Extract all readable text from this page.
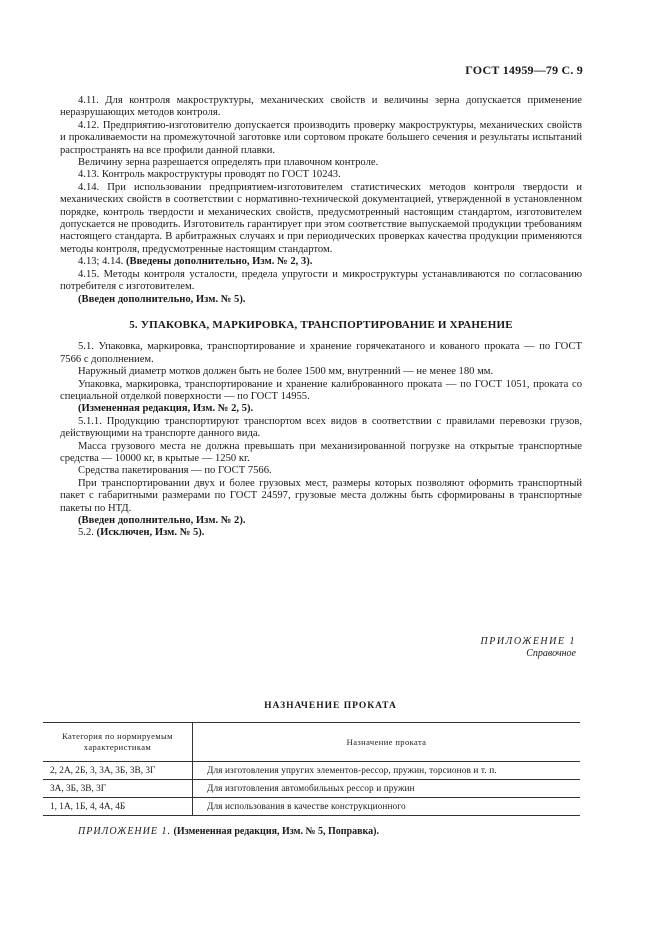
ГОСТ 14959—79 С. 9

4.11. Для контроля макроструктуры, механических свойств и величины зерна допускается применение неразрушающих методов контроля.

4.12. Предприятию-изготовителю допускается производить проверку макроструктуры, механических свойств и прокаливаемости на промежуточной заготовке или сортовом прокате большего сечения и результаты испытаний распространять на все профили данной плавки.

Величину зерна разрешается определять при плавочном контроле.

4.13. Контроль макроструктуры проводят по ГОСТ 10243.

4.14. При использовании предприятием-изготовителем статистических методов контроля твердости и механических свойств в соответствии с нормативно-технической документацией, утвержденной в установленном порядке, контроль твердости и механических свойств, предусмотренный настоящим стандартом, изготовителем допускается не проводить. Изготовитель гарантирует при этом соответствие выпускаемой продукции требованиям настоящего стандарта. В арбитражных случаях и при периодических проверках качества продукции применяются методы контроля, предусмотренные настоящим стандартом.

4.13; 4.14. (Введены дополнительно, Изм. № 2, 3).

4.15. Методы контроля усталости, предела упругости и микроструктуры устанавливаются по согласованию потребителя с изготовителем.

(Введен дополнительно, Изм. № 5).

5. УПАКОВКА, МАРКИРОВКА, ТРАНСПОРТИРОВАНИЕ И ХРАНЕНИЕ

5.1. Упаковка, маркировка, транспортирование и хранение горячекатаного и кованого проката — по ГОСТ 7566 с дополнением.

Наружный диаметр мотков должен быть не более 1500 мм, внутренний — не менее 180 мм.

Упаковка, маркировка, транспортирование и хранение калиброванного проката — по ГОСТ 1051, проката со специальной отделкой поверхности — по ГОСТ 14955.

(Измененная редакция, Изм. № 2, 5).

5.1.1. Продукцию транспортируют транспортом всех видов в соответствии с правилами перевозки грузов, действующими на транспорте данного вида.

Масса грузового места не должна превышать при механизированной погрузке на открытые транспортные средства — 10000 кг, в крытые — 1250 кг.

Средства пакетирования — по ГОСТ 7566.

При транспортировании двух и более грузовых мест, размеры которых позволяют оформить транспортный пакет с габаритными размерами по ГОСТ 24597, грузовые места должны быть сформированы в транспортные пакеты по НТД.

(Введен дополнительно, Изм. № 2).

5.2. (Исключен, Изм. № 5).

ПРИЛОЖЕНИЕ 1
Справочное
НАЗНАЧЕНИЕ ПРОКАТА
Категория по нормируемым характеристикам	Назначение проката
2, 2А, 2Б, 3, 3А, 3Б, 3В, 3Г	Для изготовления упругих элементов-рессор, пружин, торсионов и т. п.
3А, 3Б, 3В, 3Г	Для изготовления автомобильных рессор и пружин
1, 1А, 1Б, 4, 4А, 4Б	Для использования в качестве конструкционного
ПРИЛОЖЕНИЕ 1. (Измененная редакция, Изм. № 5, Поправка).
